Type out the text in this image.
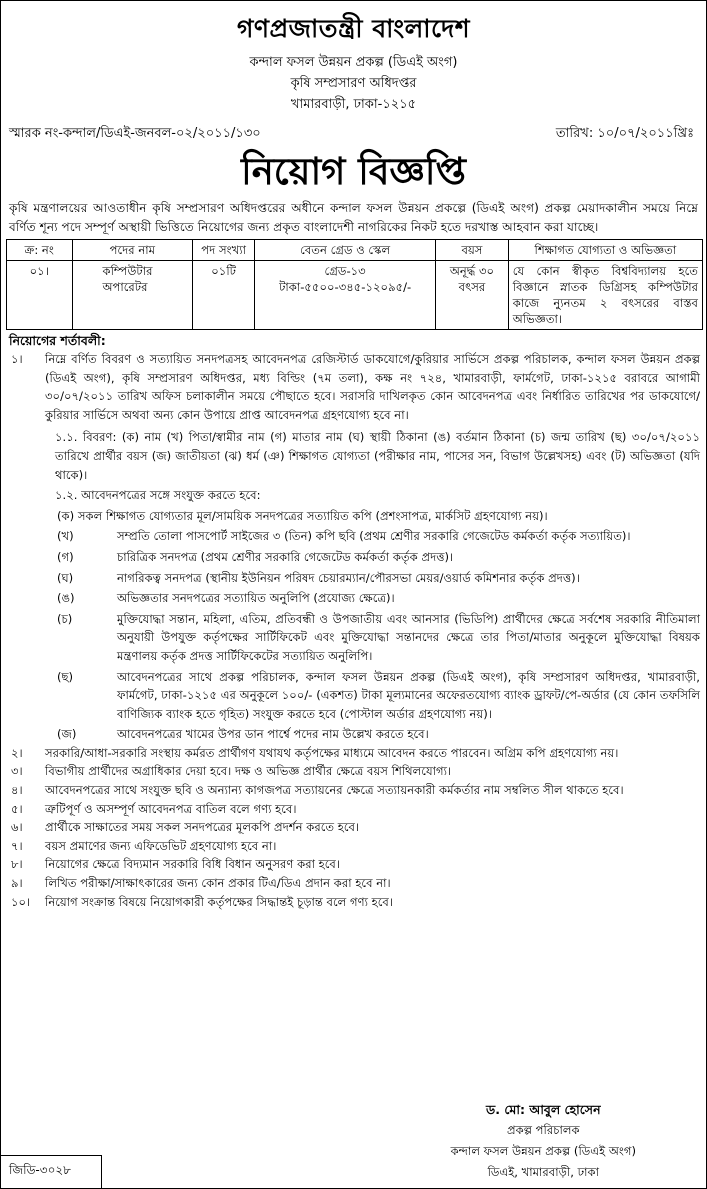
গণপ্রজাতন্ত্রী বাংলাদেশ
কন্দাল ফসল উন্নয়ন প্রকল্প (ডিএই অংগ)
কৃষি সম্প্রসারণ অধিদপ্তর
খামারবাড়ী, ঢাকা-১২১৫
স্মারক নং-কন্দাল/ডিএই-জনবল-০২/২০১১/১৩০	তারিখ: ১০/০৭/২০১১খ্রিঃ
নিয়োগ বিজ্ঞপ্তি
কৃষি মন্ত্রণালয়ের আওতাধীন কৃষি সম্প্রসারণ অধিদপ্তরের অধীনে কন্দাল ফসল উন্নয়ন প্রকল্পে (ডিএই অংগ) প্রকল্প মেয়াদকালীন সময়ে নিম্নে বর্ণিত শূন্য পদে সম্পূর্ণ অস্থায়ী ভিত্তিতে নিয়োগের জন্য প্রকৃত বাংলাদেশী নাগরিকের নিকট হতে দরখাস্ত আহবান করা যাচ্ছে।
ক্র: নং	পদের নাম	পদ সংখ্যা	বেতন গ্রেড ও স্কেল	বয়স	শিক্ষাগত যোগ্যতা ও অভিজ্ঞতা
০১।	কম্পিউটার অপারেটর	০১টি	গ্রেড-১৩ টাকা-৫৫০০-৩৪৫-১২০৯৫/-	অনূর্দ্ধ ৩০ বৎসর	যে কোন স্বীকৃত বিশ্ববিদ্যালয় হতে বিজ্ঞানে স্নাতক ডিগ্রিসহ কম্পিউটার কাজে ন্যুনতম ২ বৎসরের বাস্তব অভিজ্ঞতা।
নিয়োগের শর্তাবলী:
১।	নিম্নে বর্ণিত বিবরণ ও সত্যায়িত সনদপত্রসহ আবেদনপত্র রেজিস্টার্ড ডাকযোগে/কুরিয়ার সার্ভিসে প্রকল্প পরিচালক, কন্দাল ফসল উন্নয়ন প্রকল্প (ডিএই অংগ), কৃষি সম্প্রসারণ অধিদপ্তর, মধ্য বিল্ডিং (৭ম তলা), কক্ষ নং ৭২৪, খামারবাড়ী, ফার্মগেট, ঢাকা-১২১৫ বরাবরে আগামী ৩০/০৭/২০১১ তারিখ অফিস চলাকালীন সময়ে পৌছাতে হবে। সরাসরি দাখিলকৃত কোন আবেদনপত্র এবং নির্ধারিত তারিখের পর ডাকযোগে/কুরিয়ার সার্ভিসে অথবা অন্য কোন উপায়ে প্রাপ্ত আবেদনপত্র গ্রহণযোগ্য হবে না।
১.১. বিবরণ: (ক) নাম (খ) পিতা/স্বামীর নাম (গ) মাতার নাম (ঘ) স্থায়ী ঠিকানা (ঙ) বর্তমান ঠিকানা (চ) জন্ম তারিখ (ছ) ৩০/০৭/২০১১ তারিখে প্রার্থীর বয়স (জ) জাতীয়তা (ঝ) ধর্ম (ঞ) শিক্ষাগত যোগ্যতা (পরীক্ষার নাম, পাসের সন, বিভাগ উল্লেখসহ) এবং (ট) অভিজ্ঞতা (যদি থাকে)।
১.২. আবেদনপত্রের সঙ্গে সংযুক্ত করতে হবে:
(ক) সকল শিক্ষাগত যোগ্যতার মূল/সাময়িক সনদপত্রের সত্যায়িত কপি (প্রশংসাপত্র, মার্কসিট গ্রহণযোগ্য নয়)।
(খ)	সম্প্রতি তোলা পাসপোর্ট সাইজের ৩ (তিন) কপি ছবি (প্রথম শ্রেণীর সরকারি গেজেটেড কর্মকর্তা কর্তৃক সত্যায়িত)।
(গ)	চারিত্রিক সনদপত্র (প্রথম শ্রেণীর সরকারি গেজেটেড কর্মকর্তা কর্তৃক প্রদত্ত)।
(ঘ)	নাগরিকত্ব সনদপত্র (স্থানীয় ইউনিয়ন পরিষদ চেয়ারম্যান/পৌরসভা মেয়র/ওয়ার্ড কমিশনার কর্তৃক প্রদত্ত)।
(ঙ)	অভিজ্ঞতার সনদপত্রের সত্যায়িত অনুলিপি (প্রযোজ্য ক্ষেত্রে)।
(চ)	মুক্তিযোদ্ধা সন্তান, মহিলা, এতিম, প্রতিবন্ধী ও উপজাতীয় এবং আনসার (ভিডিপি) প্রার্থীদের ক্ষেত্রে সর্বশেষ সরকারি নীতিমালা অনুযায়ী উপযুক্ত কর্তৃপক্ষের সার্টিফিকেট এবং মুক্তিযোদ্ধা সন্তানদের ক্ষেত্রে তার পিতা/মাতার অনুকূলে মুক্তিযোদ্ধা বিষয়ক মন্ত্রণালয় কর্তৃক প্রদত্ত সার্টিফিকেটের সত্যায়িত অনুলিপি।
(ছ)	আবেদনপত্রের সাথে প্রকল্প পরিচালক, কন্দাল ফসল উন্নয়ন প্রকল্প (ডিএই অংগ), কৃষি সম্প্রসারণ অধিদপ্তর, খামারবাড়ী, ফার্মগেট, ঢাকা-১২১৫ এর অনুকূলে ১০০/- (একশত) টাকা মূল্যমানের অফেরতযোগ্য ব্যাংক ড্রাফট/পে-অর্ডার (যে কোন তফসিলি বাণিজ্যিক ব্যাংক হতে গৃহিত) সংযুক্ত করতে হবে (পোস্টাল অর্ডার গ্রহণযোগ্য নয়)।
(জ)	আবেদনপত্রের খামের উপর ডান পার্শ্বে পদের নাম উল্লেখ করতে হবে।
২।	সরকারি/আধা-সরকারি সংস্থায় কর্মরত প্রার্থীগণ যথাযথ কর্তৃপক্ষের মাধ্যমে আবেদন করতে পারবেন। অগ্রিম কপি গ্রহণযোগ্য নয়।
৩।	বিভাগীয় প্রার্থীদের অগ্রাধিকার দেয়া হবে। দক্ষ ও অভিজ্ঞ প্রার্থীর ক্ষেত্রে বয়স শিথিলযোগ্য।
৪।	আবেদনপত্রের সাথে সংযুক্ত ছবি ও অন্যান্য কাগজপত্র সত্যায়নের ক্ষেত্রে সত্যায়নকারী কর্মকর্তার নাম সম্বলিত সীল থাকতে হবে।
৫।	ত্রুটিপূর্ণ ও অসম্পূর্ণ আবেদনপত্র বাতিল বলে গণ্য হবে।
৬।	প্রার্থীকে সাক্ষাতের সময় সকল সনদপত্রের মূলকপি প্রদর্শন করতে হবে।
৭।	বয়স প্রমাণের জন্য এফিডেভিট গ্রহণযোগ্য হবে না।
৮।	নিয়োগের ক্ষেত্রে বিদ্যমান সরকারি বিধি বিধান অনুসরণ করা হবে।
৯।	লিখিত পরীক্ষা/সাক্ষাৎকারের জন্য কোন প্রকার টিএ/ডিএ প্রদান করা হবে না।
১০।	নিয়োগ সংক্রান্ত বিষয়ে নিয়োগকারী কর্তৃপক্ষের সিদ্ধান্তই চূড়ান্ত বলে গণ্য হবে।
ড. মো: আবুল হোসেন
প্রকল্প পরিচালক
কন্দাল ফসল উন্নয়ন প্রকল্প (ডিএই অংগ)
ডিএই, খামারবাড়ী, ঢাকা
জিডি-৩০২৮
